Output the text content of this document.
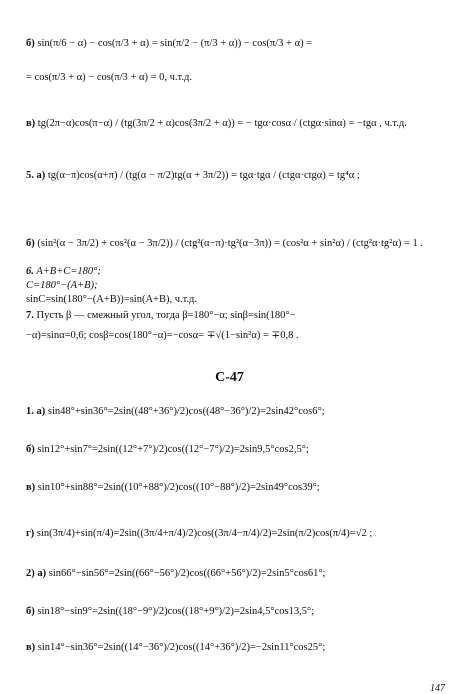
б) sin(π/6 − α) − cos(π/3 + α) = sin(π/2 − (π/3 + α)) − cos(π/3 + α) =
= cos(π/3 + α) − cos(π/3 + α) = 0, ч.т.д.
в) tg(2π−α)cos(π−α) / (tg(3π/2 + α)cos(3π/2 + α)) = − tgα·cosα / (ctgα·sinα) = −tgα , ч.т.д.
5. а) tg(α−π)cos(α+π) / (tg(α − π/2)tg(α + 3π/2)) = tgα·tgα / (ctgα·ctgα) = tg⁴α ;
б) (sin²(α − 3π/2) + cos²(α − 3π/2)) / (ctg²(α−π)·tg²(α−3π)) = (cos²α + sin²α) / (ctg²α·tg²α) = 1 .
6. A+B+C=180°;
C=180°−(A+B);
sinC=sin(180°−(A+B))=sin(A+B), ч.т.д.
7. Пусть β — смежный угол, тогда β=180°−α; sinβ=sin(180°−
−α)=sinα=0,6; cosβ=cos(180°−α)=−cosα= ∓√(1−sin²α) = ∓0,8 .
С-47
1. а) sin48°+sin36°=2sin((48°+36°)/2)cos((48°−36°)/2)=2sin42°cos6°;
б) sin12°+sin7°=2sin((12°+7°)/2)cos((12°−7°)/2)=2sin9,5°cos2,5°;
в) sin10°+sin88°=2sin((10°+88°)/2)cos((10°−88°)/2)=2sin49°cos39°;
г) sin(3π/4)+sin(π/4)=2sin((3π/4+π/4)/2)cos((3π/4−π/4)/2)=2sin(π/2)cos(π/4)=√2 ;
2) а) sin66°−sin56°=2sin((66°−56°)/2)cos((66°+56°)/2)=2sin5°cos61°;
б) sin18°−sin9°=2sin((18°−9°)/2)cos((18°+9°)/2)=2sin4,5°cos13,5°;
в) sin14°−sin36°=2sin((14°−36°)/2)cos((14°+36°)/2)=−2sin11°cos25°;
147
